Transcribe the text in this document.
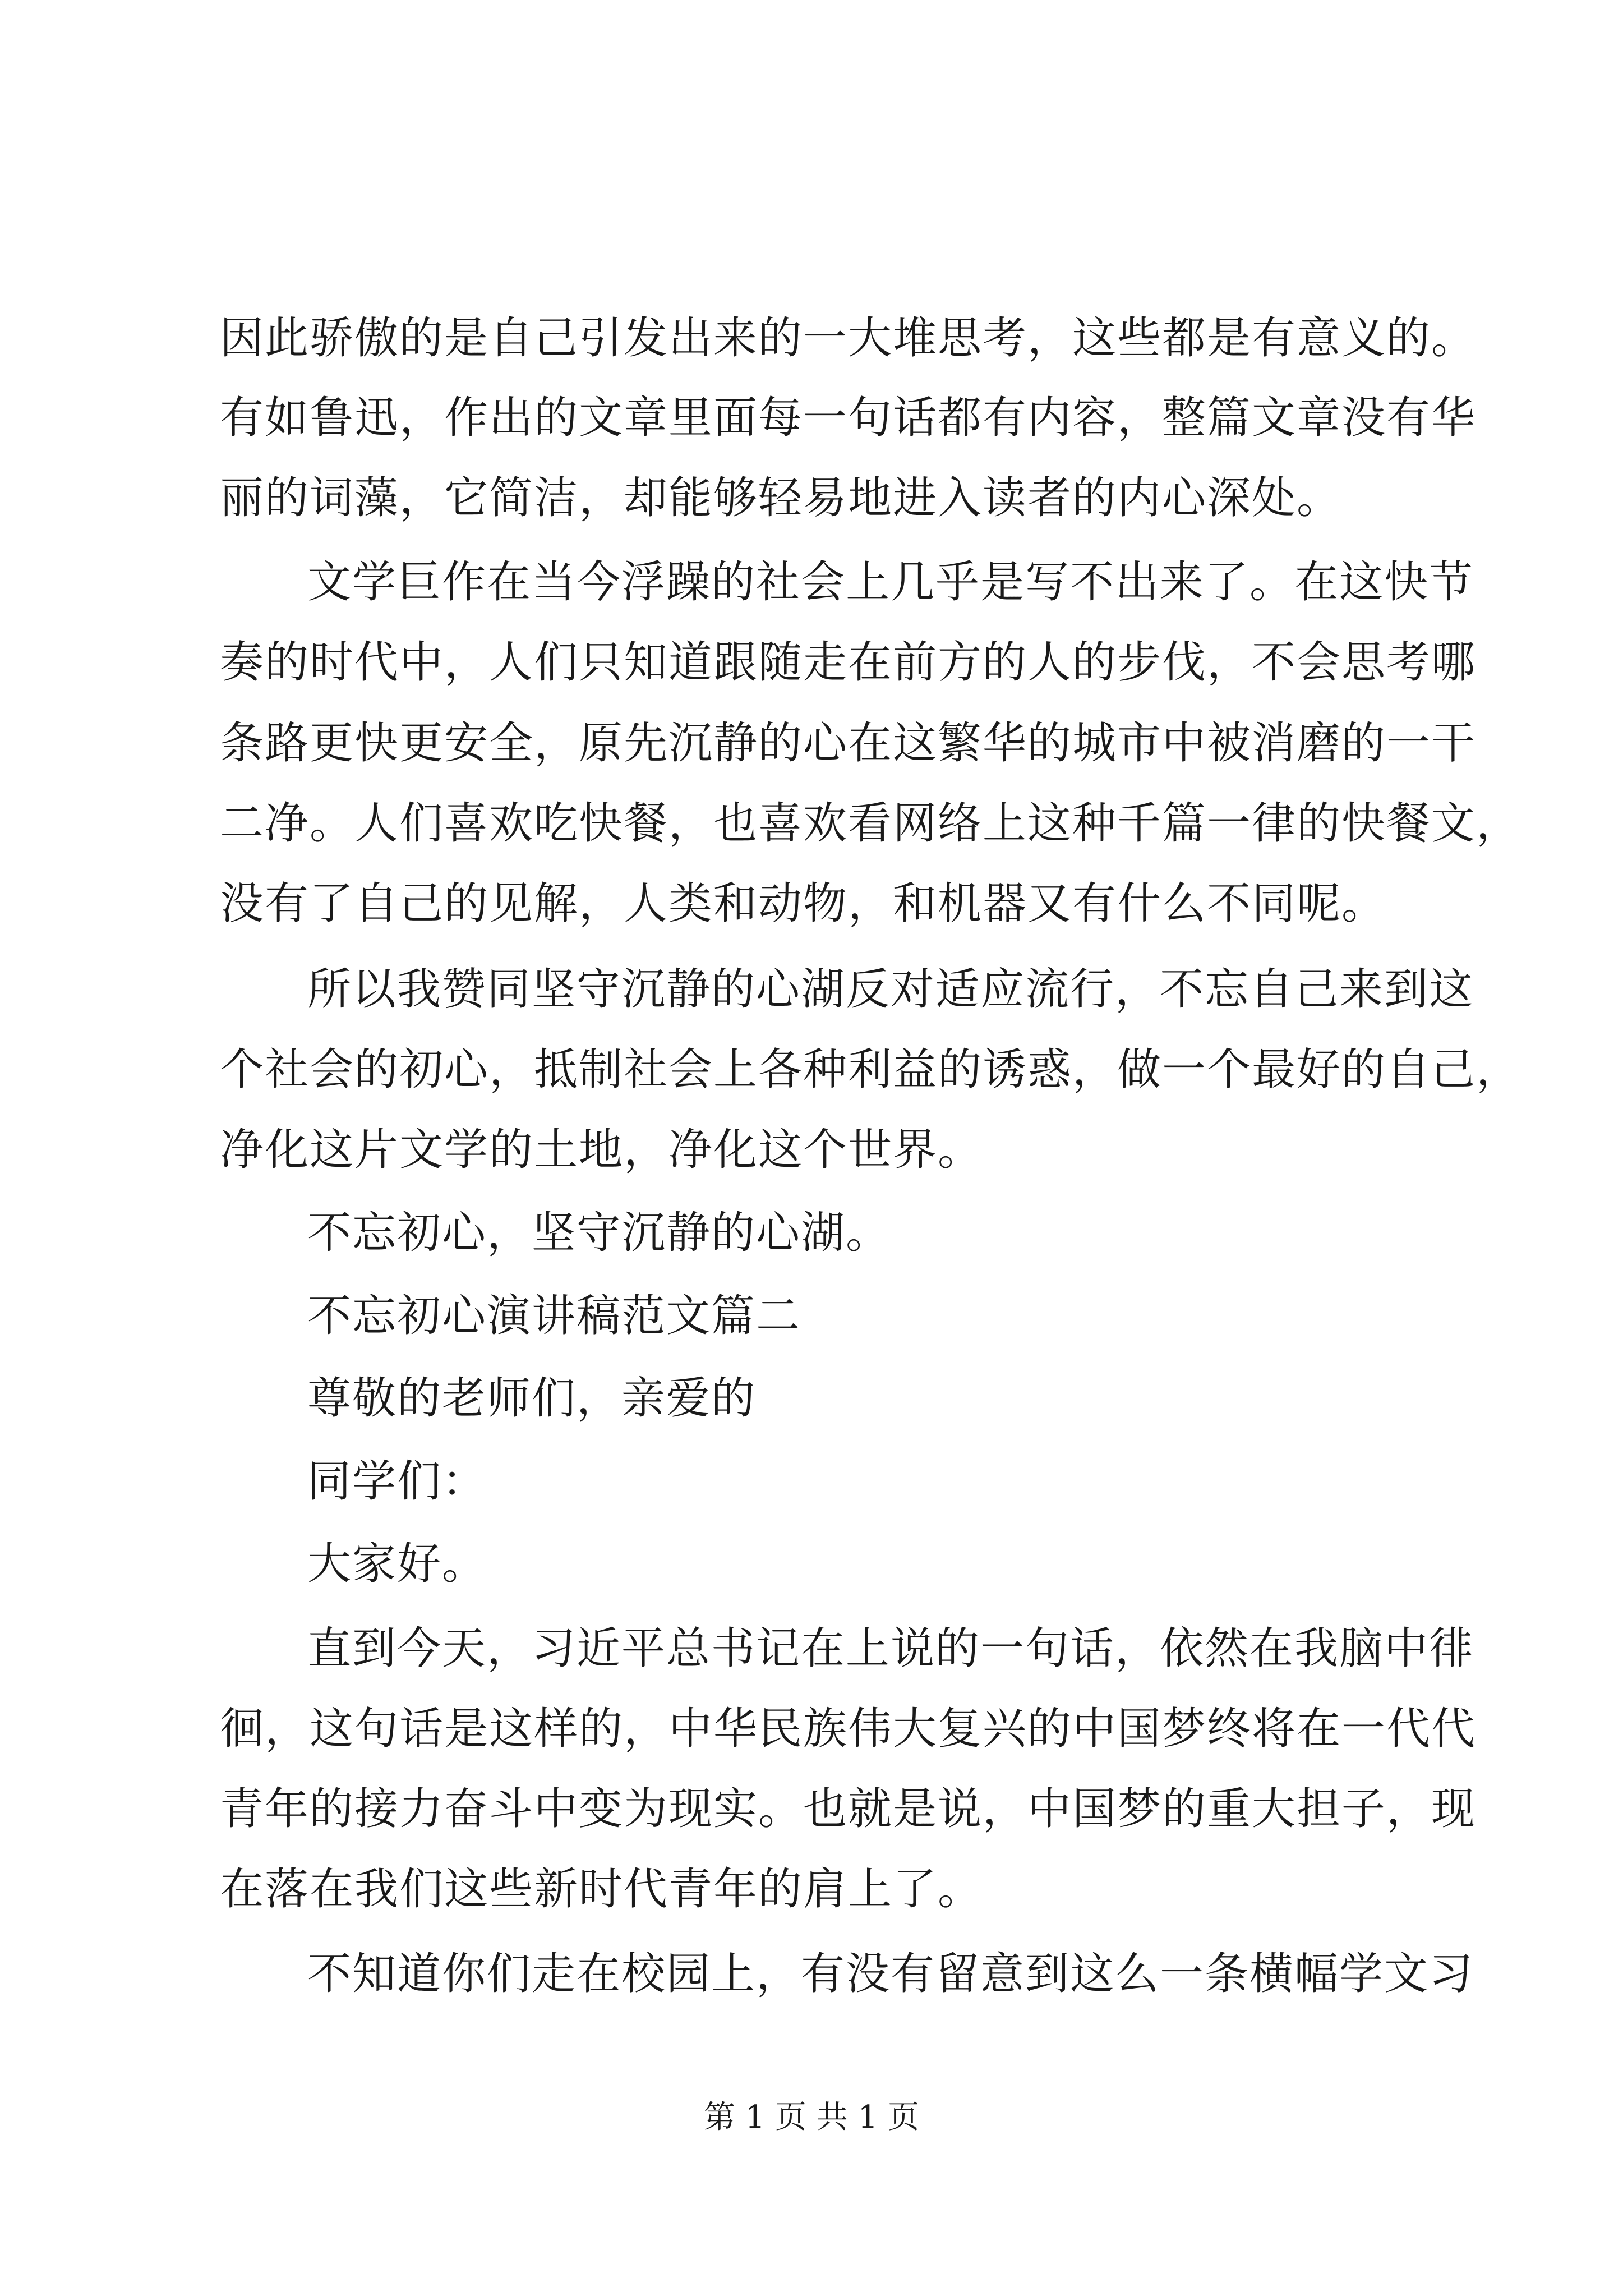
因此骄傲的是自己引发出来的一大堆思考，这些都是有意义的。
有如鲁迅，作出的文章里面每一句话都有内容，整篇文章没有华
丽的词藻，它简洁，却能够轻易地进入读者的内心深处。
文学巨作在当今浮躁的社会上几乎是写不出来了。在这快节
奏的时代中，人们只知道跟随走在前方的人的步伐，不会思考哪
条路更快更安全，原先沉静的心在这繁华的城市中被消磨的一干
二净。人们喜欢吃快餐，也喜欢看网络上这种千篇一律的快餐文，
没有了自己的见解，人类和动物，和机器又有什么不同呢。
所以我赞同坚守沉静的心湖反对适应流行，不忘自己来到这
个社会的初心，抵制社会上各种利益的诱惑，做一个最好的自己，
净化这片文学的土地，净化这个世界。
不忘初心，坚守沉静的心湖。
不忘初心演讲稿范文篇二
尊敬的老师们，亲爱的
同学们：
大家好。
直到今天，习近平总书记在上说的一句话，依然在我脑中徘
徊，这句话是这样的，中华民族伟大复兴的中国梦终将在一代代
青年的接力奋斗中变为现实。也就是说，中国梦的重大担子，现
在落在我们这些新时代青年的肩上了。
不知道你们走在校园上，有没有留意到这么一条横幅学文习
第 1 页 共 1 页
